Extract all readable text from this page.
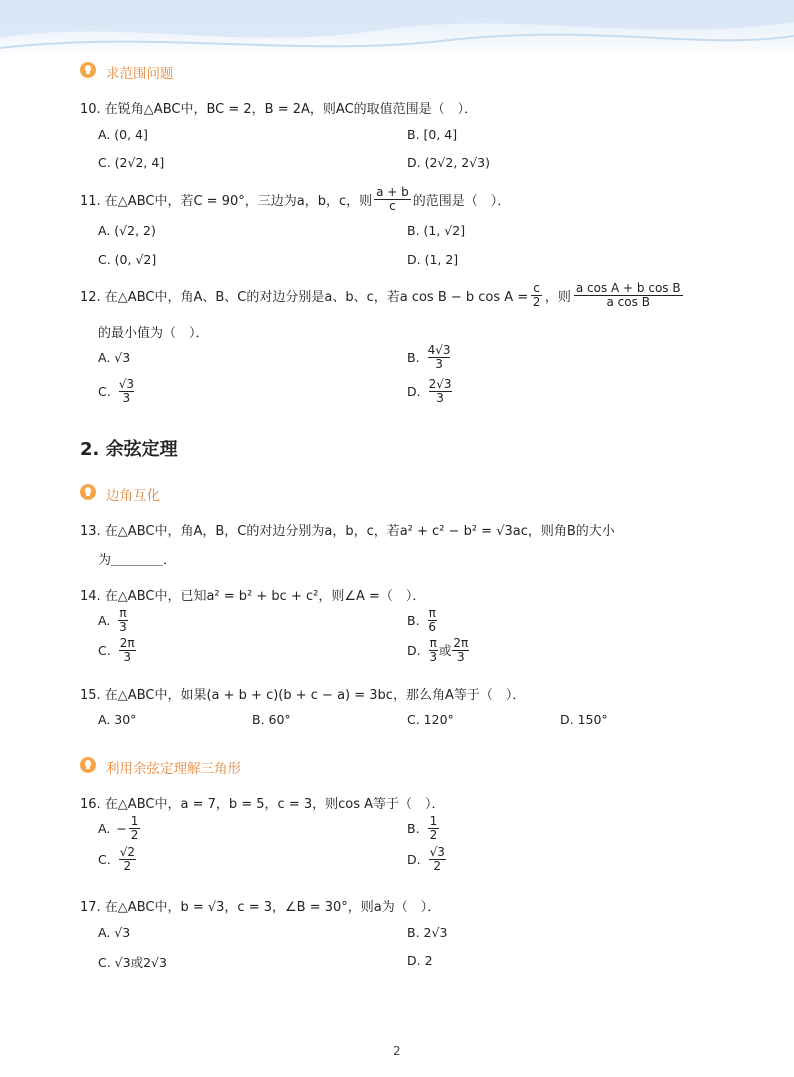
求范围问题
10. 在锐角△ABC中，BC = 2，B = 2A，则AC的取值范围是（　）．
A. (0, 4]	B. [0, 4]
C. (2√2, 4]	D. (2√2, 2√3)
11. 在△ABC中，若C = 90°，三边为a，b，c，则 $\frac{a + b}{c}$ 的范围是（　）．
A. (√2, 2)	B. (1, √2]
C. (0, √2]	D. (1, 2]
12. 在△ABC中，角A、B、C的对边分别是a、b、c，若a cos B − b $\cos A = \frac{c}{2}$ ，则 $\frac{\text{a cos A + b cos B}}{\text{a cos B}}$
的最小值为（　）．
A. √3	B. $\frac{4√3}{3}$
C. $\frac{√3}{3}$	D. $\frac{2√3}{3}$
2. 余弦定理
边角互化
13. 在△ABC中，角A，B，C的对边分别为a，b，c，若a² + c² − b² = √3ac，则角B的大小
为＿＿＿＿．
14. 在△ABC中，已知a² = b² + bc + c²，则∠A =（　）．
A. $\frac{\pi}{3}$	B. $\frac{\pi}{6}$
C. $\frac{2\pi}{3}$	D. $\frac{\pi}{3}$ 或 $\frac{2\pi}{3}$
15. 在△ABC中，如果(a + b + c)(b + c − a) = 3bc，那么角A等于（　）．
A. 30°	B. 60°	C. 120°	D. 150°
利用余弦定理解三角形
16. 在△ABC中，a = 7，b = 5，c = 3，则cos A等于（　）．
A. − $\frac{1}{2}$	B. $\frac{1}{2}$
C. $\frac{√2}{2}$	D. $\frac{√3}{2}$
17. 在△ABC中，b = √3，c = 3，∠B = 30°，则a为（　）．
A. √3	B. 2√3
C. √3或2√3	D. 2
2
